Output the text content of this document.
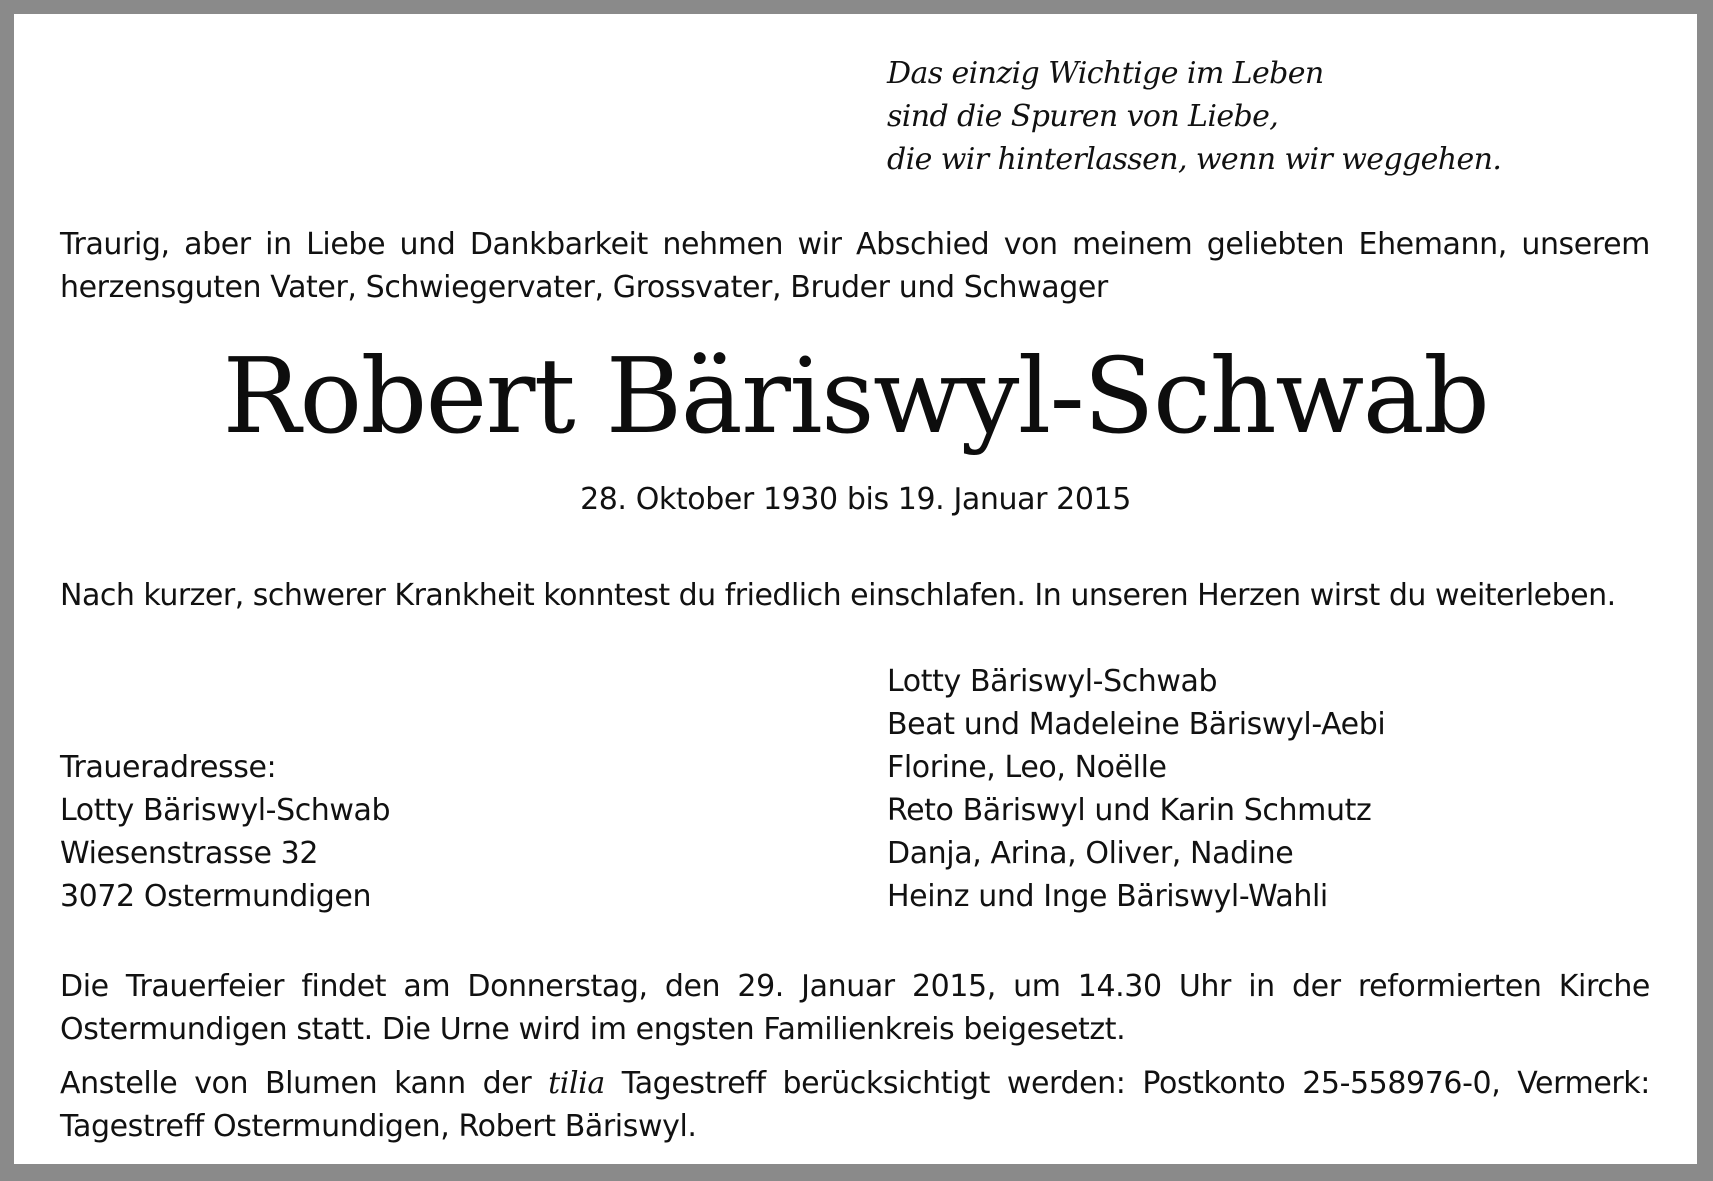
Das einzig Wichtige im Leben
sind die Spuren von Liebe,
die wir hinterlassen, wenn wir weggehen.
Traurig, aber in Liebe und Dankbarkeit nehmen wir Abschied von meinem geliebten Ehemann, unserem
herzensguten Vater, Schwiegervater, Grossvater, Bruder und Schwager
Robert Bäriswyl-Schwab
28. Oktober 1930 bis 19. Januar 2015
Nach kurzer, schwerer Krankheit konntest du friedlich einschlafen. In unseren Herzen wirst du weiterleben.
Lotty Bäriswyl-Schwab
Beat und Madeleine Bäriswyl-Aebi
Florine, Leo, Noëlle
Reto Bäriswyl und Karin Schmutz
Danja, Arina, Oliver, Nadine
Heinz und Inge Bäriswyl-Wahli
Traueradresse:
Lotty Bäriswyl-Schwab
Wiesenstrasse 32
3072 Ostermundigen
Die Trauerfeier findet am Donnerstag, den 29. Januar 2015, um 14.30 Uhr in der reformierten Kirche
Ostermundigen statt. Die Urne wird im engsten Familienkreis beigesetzt.
Anstelle von Blumen kann der tilia Tagestreff berücksichtigt werden: Postkonto 25-558976-0, Vermerk:
Tagestreff Ostermundigen, Robert Bäriswyl.
